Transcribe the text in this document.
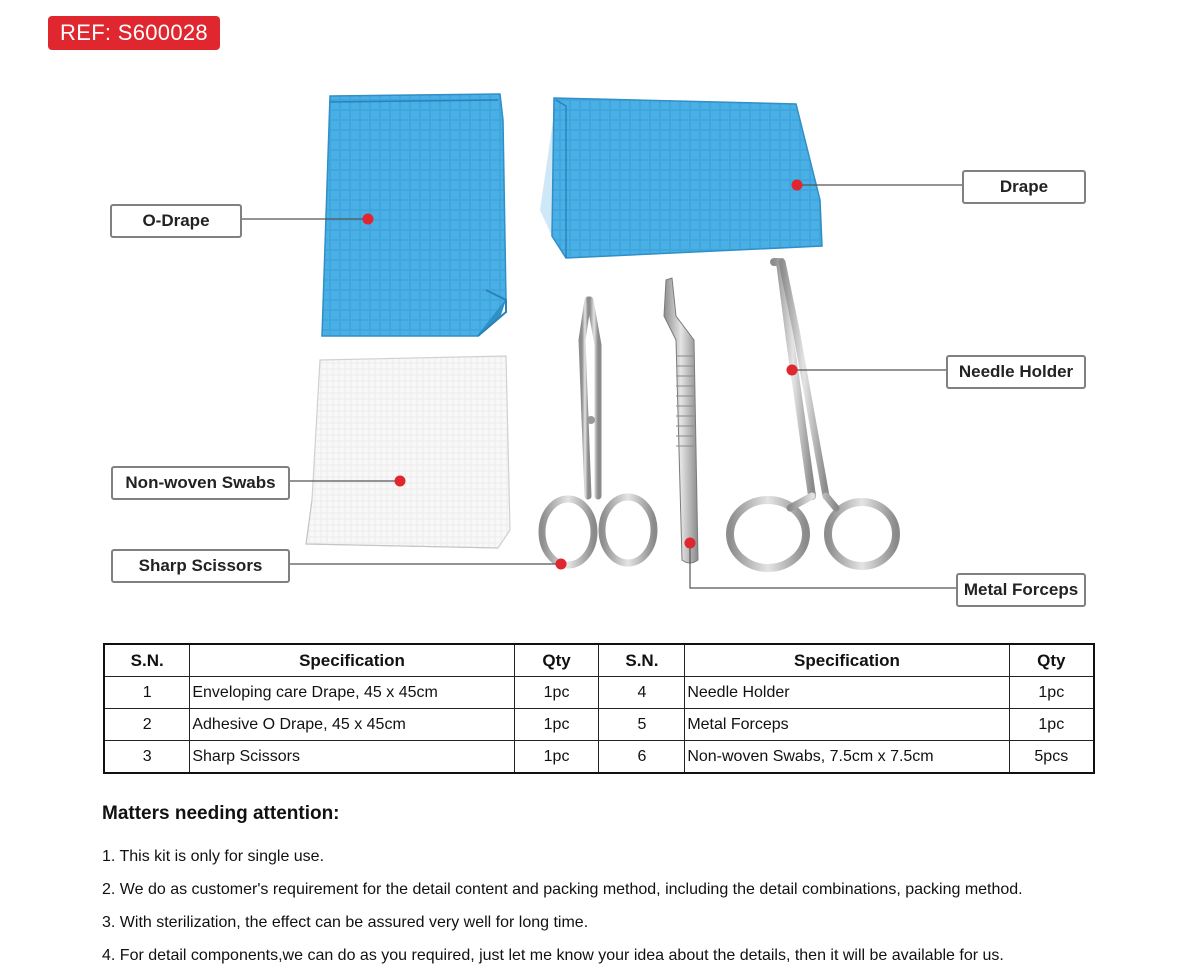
REF: S600028
O-Drape
Drape
Needle Holder
Non-woven Swabs
Sharp Scissors
Metal Forceps
S.N.	Specification	Qty	S.N.	Specification	Qty
1	Enveloping care Drape, 45 x 45cm	1pc	4	Needle Holder	1pc
2	Adhesive O Drape, 45 x 45cm	1pc	5	Metal Forceps	1pc
3	Sharp Scissors	1pc	6	Non-woven Swabs, 7.5cm x 7.5cm	5pcs
Matters needing attention:
1. This kit is only for single use.
2. We do as customer's requirement for the detail content and packing method, including the detail combinations, packing method.
3. With sterilization, the effect can be assured very well for long time.
4. For detail components,we can do as you required, just let me know your idea about the details, then it will be available for us.
